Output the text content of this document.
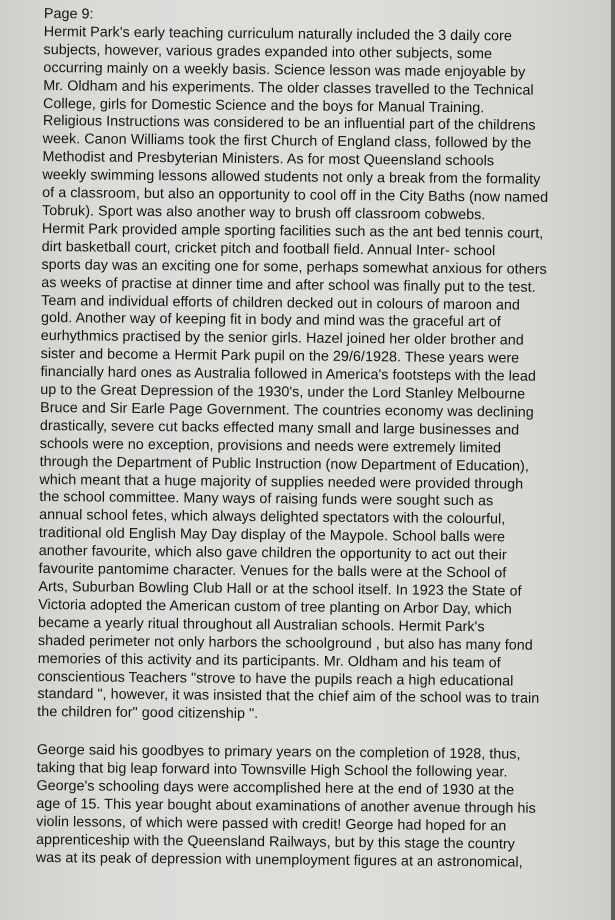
Page 9:
Hermit Park's early teaching curriculum naturally included the 3 daily core
subjects, however, various grades expanded into other subjects, some
occurring mainly on a weekly basis. Science lesson was made enjoyable by
Mr. Oldham and his experiments. The older classes travelled to the Technical
College, girls for Domestic Science and the boys for Manual Training.
Religious Instructions was considered to be an influential part of the childrens
week. Canon Williams took the first Church of England class, followed by the
Methodist and Presbyterian Ministers. As for most Queensland schools
weekly swimming lessons allowed students not only a break from the formality
of a classroom, but also an opportunity to cool off in the City Baths (now named
Tobruk). Sport was also another way to brush off classroom cobwebs.
Hermit Park provided ample sporting facilities such as the ant bed tennis court,
dirt basketball court, cricket pitch and football field. Annual Inter- school
sports day was an exciting one for some, perhaps somewhat anxious for others
as weeks of practise at dinner time and after school was finally put to the test.
Team and individual efforts of children decked out in colours of maroon and
gold. Another way of keeping fit in body and mind was the graceful art of
eurhythmics practised by the senior girls. Hazel joined her older brother and
sister and become a Hermit Park pupil on the 29/6/1928. These years were
financially hard ones as Australia followed in America's footsteps with the lead
up to the Great Depression of the 1930's, under the Lord Stanley Melbourne
Bruce and Sir Earle Page Government. The countries economy was declining
drastically, severe cut backs effected many small and large businesses and
schools were no exception, provisions and needs were extremely limited
through the Department of Public Instruction (now Department of Education),
which meant that a huge majority of supplies needed were provided through
the school committee. Many ways of raising funds were sought such as
annual school fetes, which always delighted spectators with the colourful,
traditional old English May Day display of the Maypole. School balls were
another favourite, which also gave children the opportunity to act out their
favourite pantomime character. Venues for the balls were at the School of
Arts, Suburban Bowling Club Hall or at the school itself. In 1923 the State of
Victoria adopted the American custom of tree planting on Arbor Day, which
became a yearly ritual throughout all Australian schools. Hermit Park's
shaded perimeter not only harbors the schoolground , but also has many fond
memories of this activity and its participants. Mr. Oldham and his team of
conscientious Teachers "strove to have the pupils reach a high educational
standard ", however, it was insisted that the chief aim of the school was to train
the children for" good citizenship ".
George said his goodbyes to primary years on the completion of 1928, thus,
taking that big leap forward into Townsville High School the following year.
George's schooling days were accomplished here at the end of 1930 at the
age of 15. This year bought about examinations of another avenue through his
violin lessons, of which were passed with credit! George had hoped for an
apprenticeship with the Queensland Railways, but by this stage the country
was at its peak of depression with unemployment figures at an astronomical,
